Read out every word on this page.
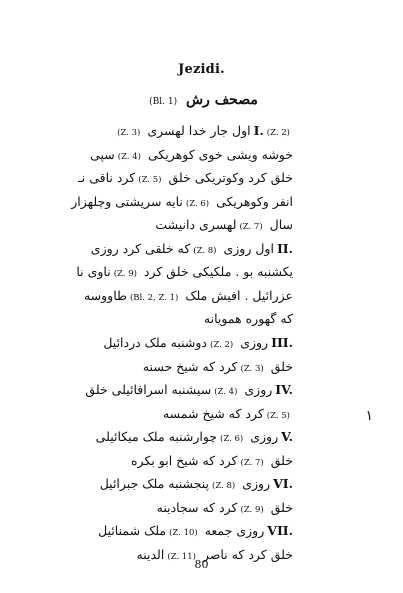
Jezidi.
مصحف رش (Bl. 1)
I. (Z. 2)اول جار خدا لهسری (Z. 3)
خوشه ویشی خوی کوهریکی (Z. 4)سپی
خلق کرد وکوتریکی خلق (Z. 5)کرد ناقی نـ
انفر وکوهریکی (Z. 6)نایه سریشتی وچلهزار
سال (Z. 7)لهسری دانیشت
II.اول روزی (Z. 8)که خلقی کرد روزی
یکشنبه بو . ملکیکی خلق کرد (Z. 9)ناوی نا
عزرائیل . افیش ملک (Bl. 2, Z. 1)طاووسه
که گهوره همویانه
III.روزی (Z. 2)دوشنبه ملک دردائیل
خلق (Z. 3)کرد که شیخ حسنه
IV.روزی (Z. 4)سیشنبه اسرافائیلی خلق
(Z. 5)کرد که شیخ شمسه
V.روزی (Z. 6)چوارشنبه ملک میکائیلی
خلق (Z. 7)کرد که شیخ ابو بکره
VI.روزی (Z. 8)پنجشنبه ملک جبرائیل
خلق (Z. 9)کرد که سجادینه
VII.روزی جمعه (Z. 10)ملک شمنائیل
خلق کرد که ناصر (Z. 11)الدینه
١
80
